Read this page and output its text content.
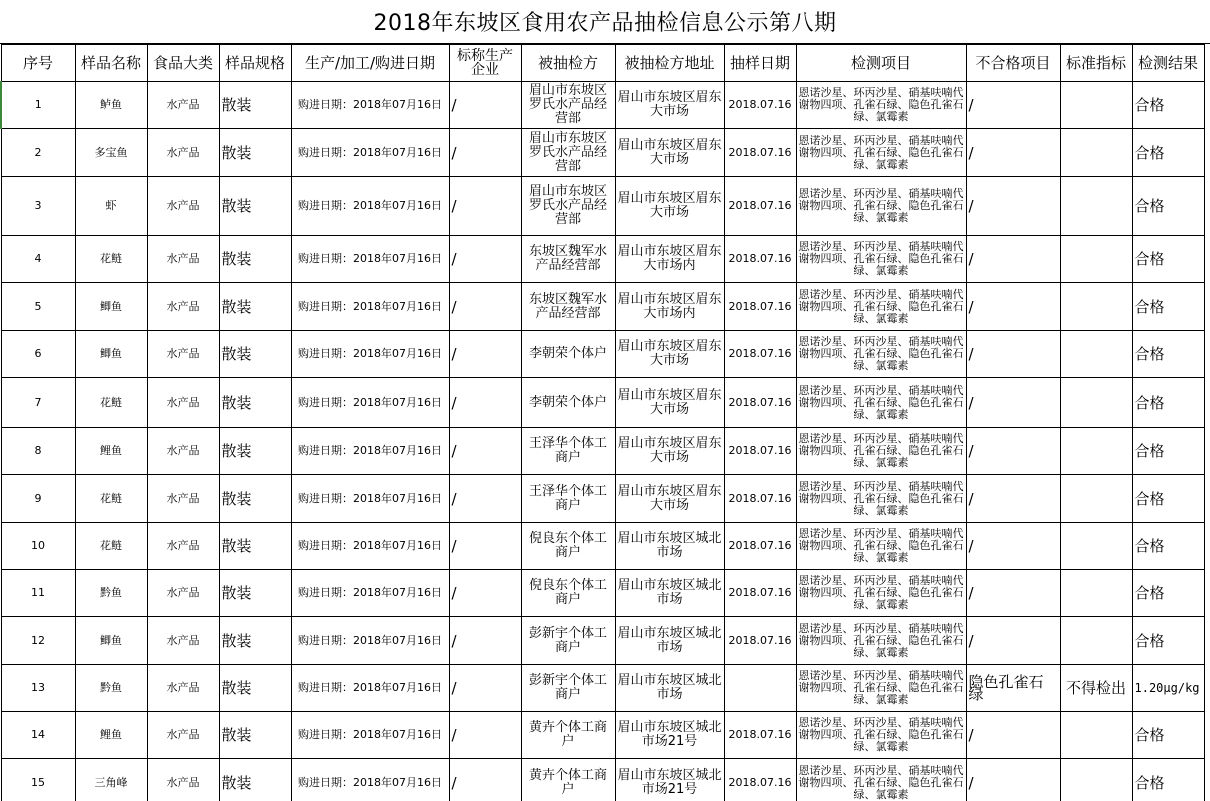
2018年东坡区食用农产品抽检信息公示第八期
序号	样品名称	食品大类	样品规格	生产/加工/购进日期	标称生产企业	被抽检方	被抽检方地址	抽样日期	检测项目	不合格项目	标准指标	检测结果
1	鲈鱼	水产品	散装	购进日期：2018年07月16日	/	眉山市东坡区罗氏水产品经营部	眉山市东坡区眉东大市场	2018.07.16	恩诺沙星、环丙沙星、硝基呋喃代谢物四项、孔雀石绿、隐色孔雀石绿、氯霉素	/		合格
2	多宝鱼	水产品	散装	购进日期：2018年07月16日	/	眉山市东坡区罗氏水产品经营部	眉山市东坡区眉东大市场	2018.07.16	恩诺沙星、环丙沙星、硝基呋喃代谢物四项、孔雀石绿、隐色孔雀石绿、氯霉素	/		合格
3	虾	水产品	散装	购进日期：2018年07月16日	/	眉山市东坡区罗氏水产品经营部	眉山市东坡区眉东大市场	2018.07.16	恩诺沙星、环丙沙星、硝基呋喃代谢物四项、孔雀石绿、隐色孔雀石绿、氯霉素	/		合格
4	花鲢	水产品	散装	购进日期：2018年07月16日	/	东坡区魏军水产品经营部	眉山市东坡区眉东大市场内	2018.07.16	恩诺沙星、环丙沙星、硝基呋喃代谢物四项、孔雀石绿、隐色孔雀石绿、氯霉素	/		合格
5	鲫鱼	水产品	散装	购进日期：2018年07月16日	/	东坡区魏军水产品经营部	眉山市东坡区眉东大市场内	2018.07.16	恩诺沙星、环丙沙星、硝基呋喃代谢物四项、孔雀石绿、隐色孔雀石绿、氯霉素	/		合格
6	鲫鱼	水产品	散装	购进日期：2018年07月16日	/	李朝荣个体户	眉山市东坡区眉东大市场	2018.07.16	恩诺沙星、环丙沙星、硝基呋喃代谢物四项、孔雀石绿、隐色孔雀石绿、氯霉素	/		合格
7	花鲢	水产品	散装	购进日期：2018年07月16日	/	李朝荣个体户	眉山市东坡区眉东大市场	2018.07.16	恩诺沙星、环丙沙星、硝基呋喃代谢物四项、孔雀石绿、隐色孔雀石绿、氯霉素	/		合格
8	鲤鱼	水产品	散装	购进日期：2018年07月16日	/	王泽华个体工商户	眉山市东坡区眉东大市场	2018.07.16	恩诺沙星、环丙沙星、硝基呋喃代谢物四项、孔雀石绿、隐色孔雀石绿、氯霉素	/		合格
9	花鲢	水产品	散装	购进日期：2018年07月16日	/	王泽华个体工商户	眉山市东坡区眉东大市场	2018.07.16	恩诺沙星、环丙沙星、硝基呋喃代谢物四项、孔雀石绿、隐色孔雀石绿、氯霉素	/		合格
10	花鲢	水产品	散装	购进日期：2018年07月16日	/	倪良东个体工商户	眉山市东坡区城北市场	2018.07.16	恩诺沙星、环丙沙星、硝基呋喃代谢物四项、孔雀石绿、隐色孔雀石绿、氯霉素	/		合格
11	黔鱼	水产品	散装	购进日期：2018年07月16日	/	倪良东个体工商户	眉山市东坡区城北市场	2018.07.16	恩诺沙星、环丙沙星、硝基呋喃代谢物四项、孔雀石绿、隐色孔雀石绿、氯霉素	/		合格
12	鲫鱼	水产品	散装	购进日期：2018年07月16日	/	彭新宇个体工商户	眉山市东坡区城北市场	2018.07.16	恩诺沙星、环丙沙星、硝基呋喃代谢物四项、孔雀石绿、隐色孔雀石绿、氯霉素	/		合格
13	黔鱼	水产品	散装	购进日期：2018年07月16日	/	彭新宇个体工商户	眉山市东坡区城北市场		恩诺沙星、环丙沙星、硝基呋喃代谢物四项、孔雀石绿、隐色孔雀石绿、氯霉素	隐色孔雀石绿	不得检出	1.20μg/kg
14	鲤鱼	水产品	散装	购进日期：2018年07月16日	/	黄卉个体工商户	眉山市东坡区城北市场21号	2018.07.16	恩诺沙星、环丙沙星、硝基呋喃代谢物四项、孔雀石绿、隐色孔雀石绿、氯霉素	/		合格
15	三角峰	水产品	散装	购进日期：2018年07月16日	/	黄卉个体工商户	眉山市东坡区城北市场21号	2018.07.16	恩诺沙星、环丙沙星、硝基呋喃代谢物四项、孔雀石绿、隐色孔雀石绿、氯霉素	/		合格
